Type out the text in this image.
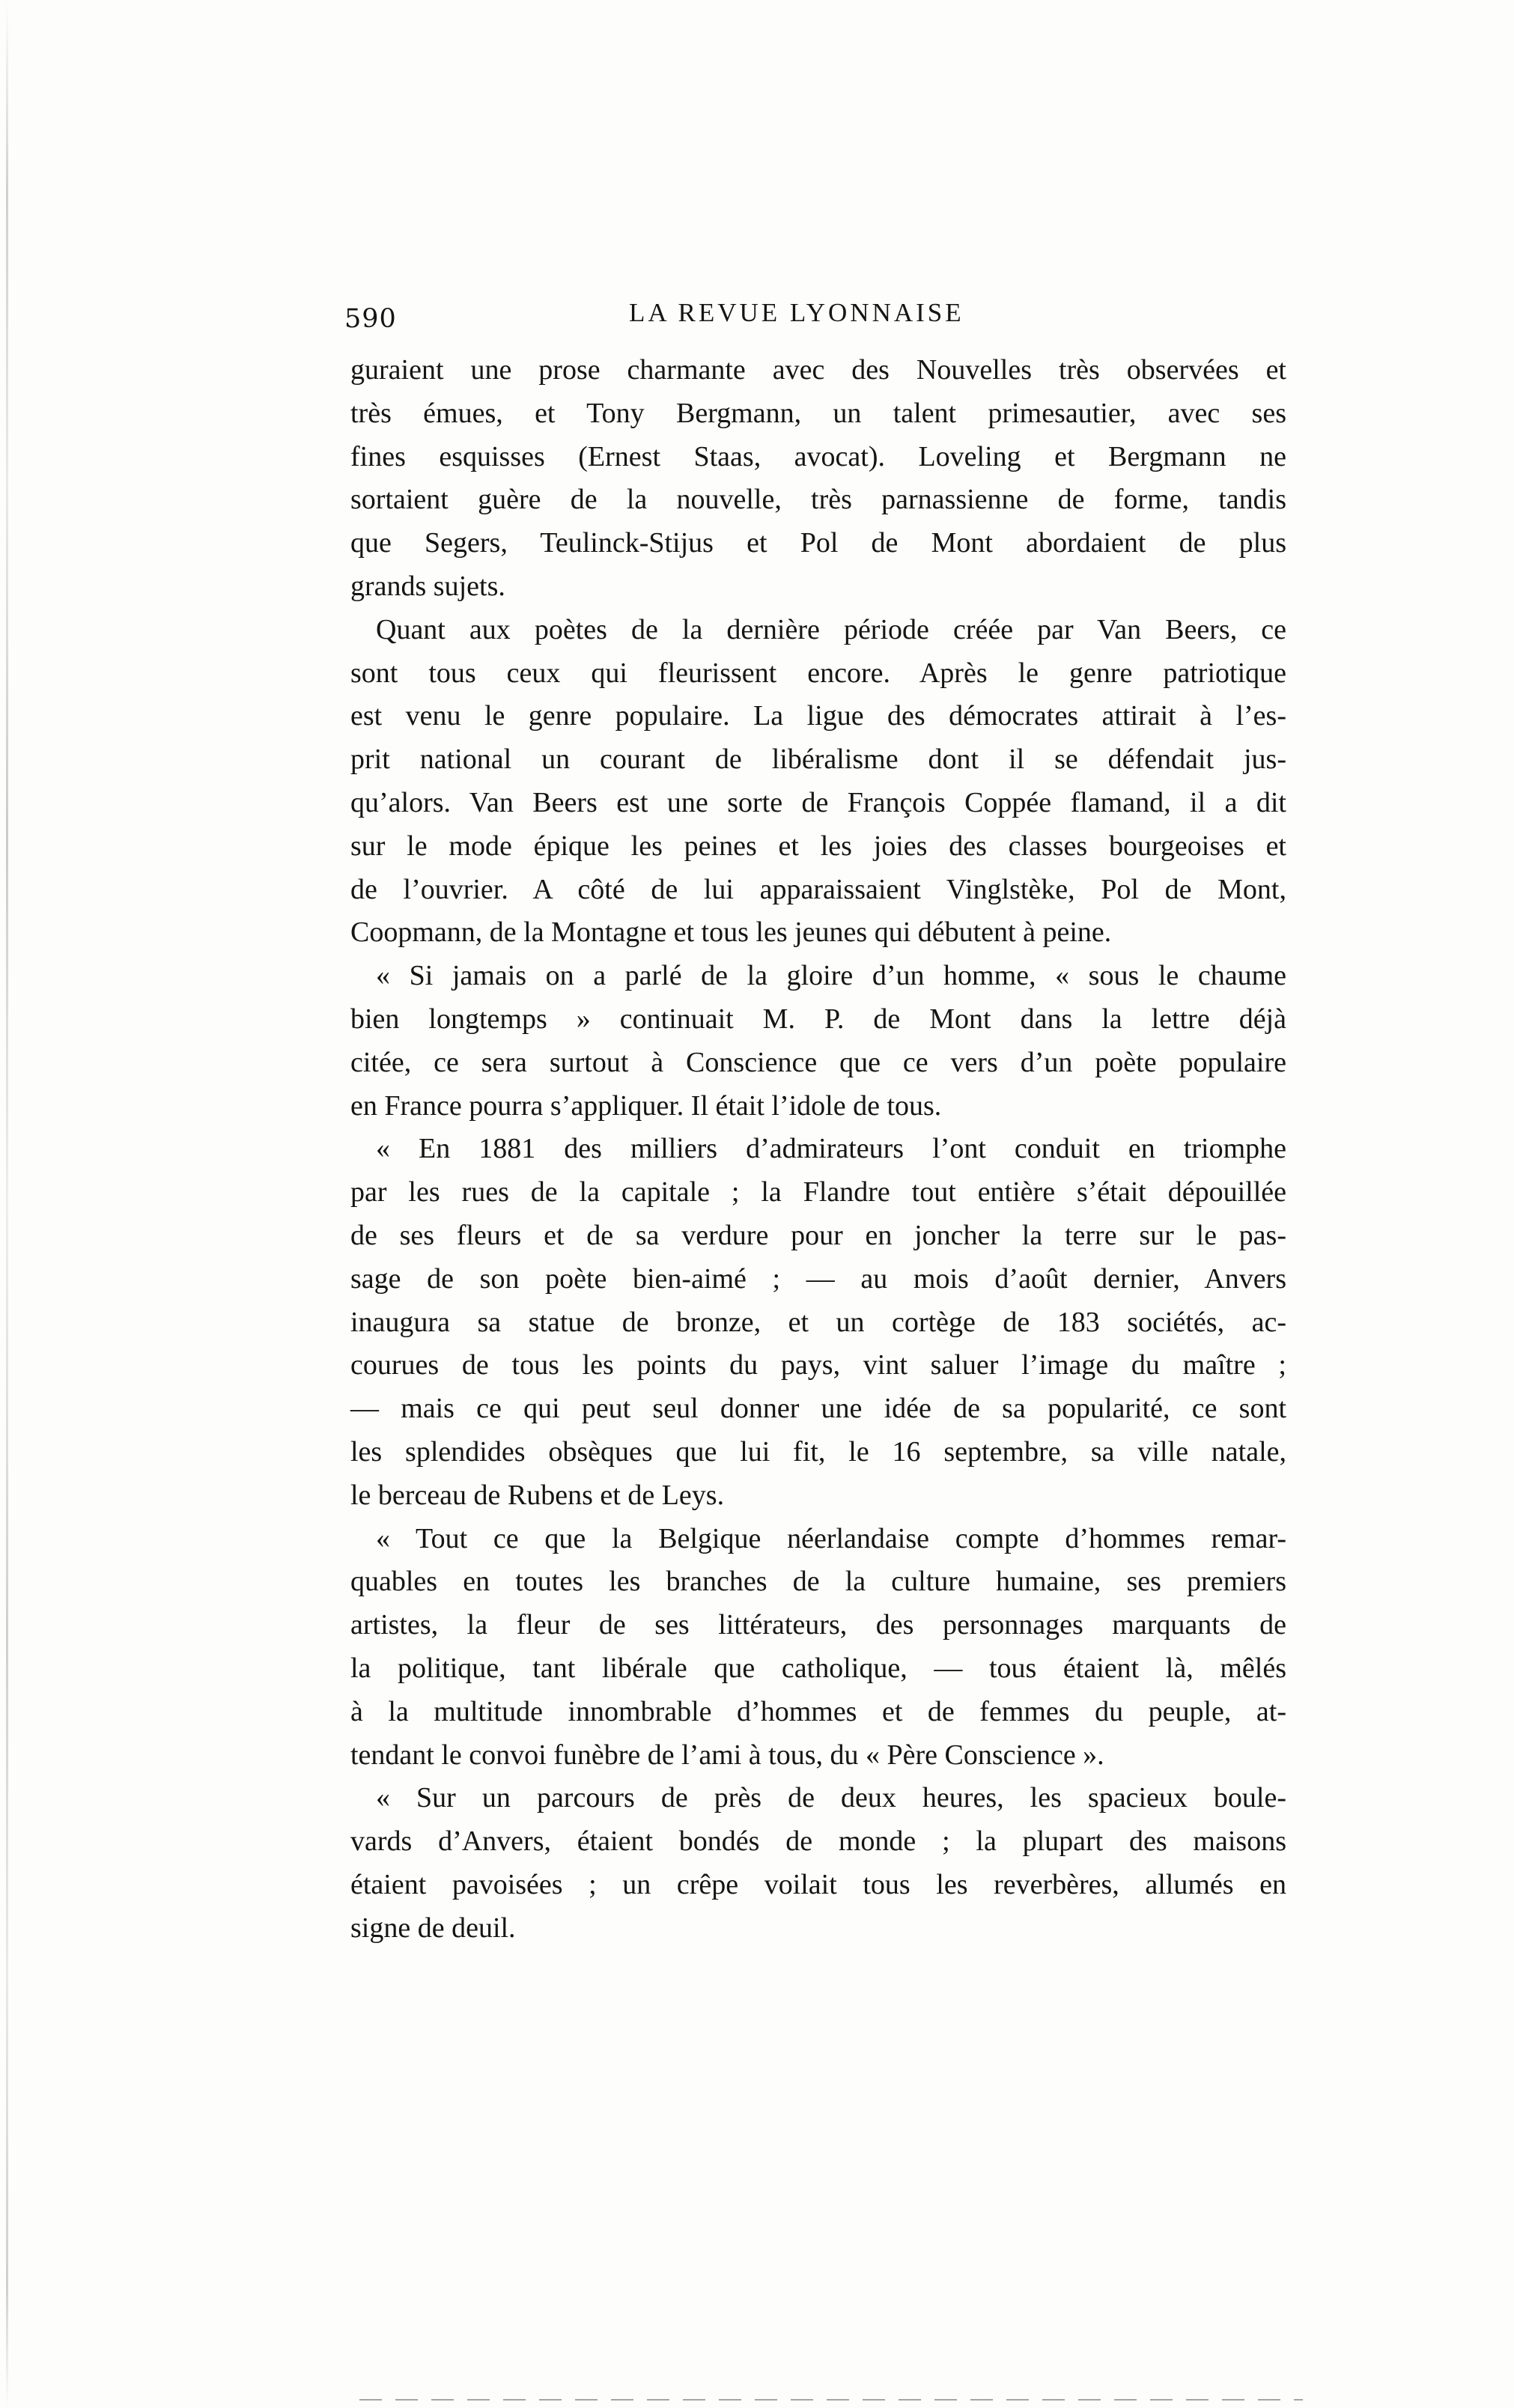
590	LA REVUE LYONNAISE
guraient une prose charmante avec des Nouvelles très observées et
très émues, et Tony Bergmann, un talent primesautier, avec ses
fines esquisses (Ernest Staas, avocat). Loveling et Bergmann ne
sortaient guère de la nouvelle, très parnassienne de forme, tandis
que Segers, Teulinck-Stijus et Pol de Mont abordaient de plus
grands sujets.
Quant aux poètes de la dernière période créée par Van Beers, ce
sont tous ceux qui fleurissent encore. Après le genre patriotique
est venu le genre populaire. La ligue des démocrates attirait à l’es-
prit national un courant de libéralisme dont il se défendait jus-
qu’alors. Van Beers est une sorte de François Coppée flamand, il a dit
sur le mode épique les peines et les joies des classes bourgeoises et
de l’ouvrier. A côté de lui apparaissaient Vinglstèke, Pol de Mont,
Coopmann, de la Montagne et tous les jeunes qui débutent à peine.
« Si jamais on a parlé de la gloire d’un homme, « sous le chaume
bien longtemps » continuait M. P. de Mont dans la lettre déjà
citée, ce sera surtout à Conscience que ce vers d’un poète populaire
en France pourra s’appliquer. Il était l’idole de tous.
« En 1881 des milliers d’admirateurs l’ont conduit en triomphe
par les rues de la capitale ; la Flandre tout entière s’était dépouillée
de ses fleurs et de sa verdure pour en joncher la terre sur le pas-
sage de son poète bien-aimé ; — au mois d’août dernier, Anvers
inaugura sa statue de bronze, et un cortège de 183 sociétés, ac-
courues de tous les points du pays, vint saluer l’image du maître ;
— mais ce qui peut seul donner une idée de sa popularité, ce sont
les splendides obsèques que lui fit, le 16 septembre, sa ville natale,
le berceau de Rubens et de Leys.
« Tout ce que la Belgique néerlandaise compte d’hommes remar-
quables en toutes les branches de la culture humaine, ses premiers
artistes, la fleur de ses littérateurs, des personnages marquants de
la politique, tant libérale que catholique, — tous étaient là, mêlés
à la multitude innombrable d’hommes et de femmes du peuple, at-
tendant le convoi funèbre de l’ami à tous, du « Père Conscience ».
« Sur un parcours de près de deux heures, les spacieux boule-
vards d’Anvers, étaient bondés de monde ; la plupart des maisons
étaient pavoisées ; un crêpe voilait tous les reverbères, allumés en
signe de deuil.
